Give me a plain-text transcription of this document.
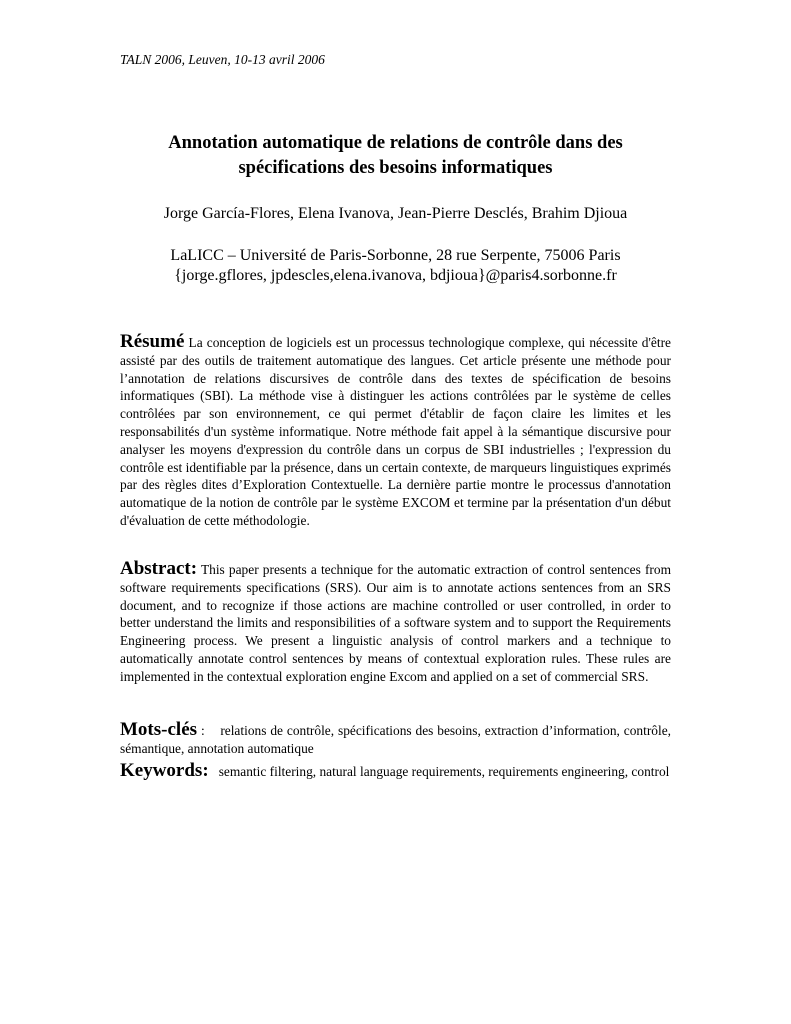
TALN 2006, Leuven, 10-13 avril 2006
Annotation automatique de relations de contrôle dans des
spécifications des besoins informatiques
Jorge García-Flores, Elena Ivanova, Jean-Pierre Desclés, Brahim Djioua
LaLICC – Université de Paris-Sorbonne, 28 rue Serpente, 75006 Paris
{jorge.gflores, jpdescles,elena.ivanova, bdjioua}@paris4.sorbonne.fr
Résumé La conception de logiciels est un processus technologique complexe, qui nécessite d'être assisté par des outils de traitement automatique des langues. Cet article présente une méthode pour l’annotation de relations discursives de contrôle dans des textes de spécification de besoins informatiques (SBI). La méthode vise à distinguer les actions contrôlées par le système de celles contrôlées par son environnement, ce qui permet d'établir de façon claire les limites et les responsabilités d'un système informatique. Notre méthode fait appel à la sémantique discursive pour analyser les moyens d'expression du contrôle dans un corpus de SBI industrielles ; l'expression du contrôle est identifiable par la présence, dans un certain contexte, de marqueurs linguistiques exprimés par des règles dites d’Exploration Contextuelle. La dernière partie montre le processus d'annotation automatique de la notion de contrôle par le système EXCOM et termine par la présentation d'un début d'évaluation de cette méthodologie.
Abstract: This paper presents a technique for the automatic extraction of control sentences from software requirements specifications (SRS). Our aim is to annotate actions sentences from an SRS document, and to recognize if those actions are machine controlled or user controlled, in order to better understand the limits and responsibilities of a software system and to support the Requirements Engineering process. We present a linguistic analysis of control markers and a technique to automatically annotate control sentences by means of contextual exploration rules. These rules are implemented in the contextual exploration engine Excom and applied on a set of commercial SRS.
Mots-clés : relations de contrôle, spécifications des besoins, extraction d’information, contrôle, sémantique, annotation automatique
Keywords: semantic filtering, natural language requirements, requirements engineering, control
